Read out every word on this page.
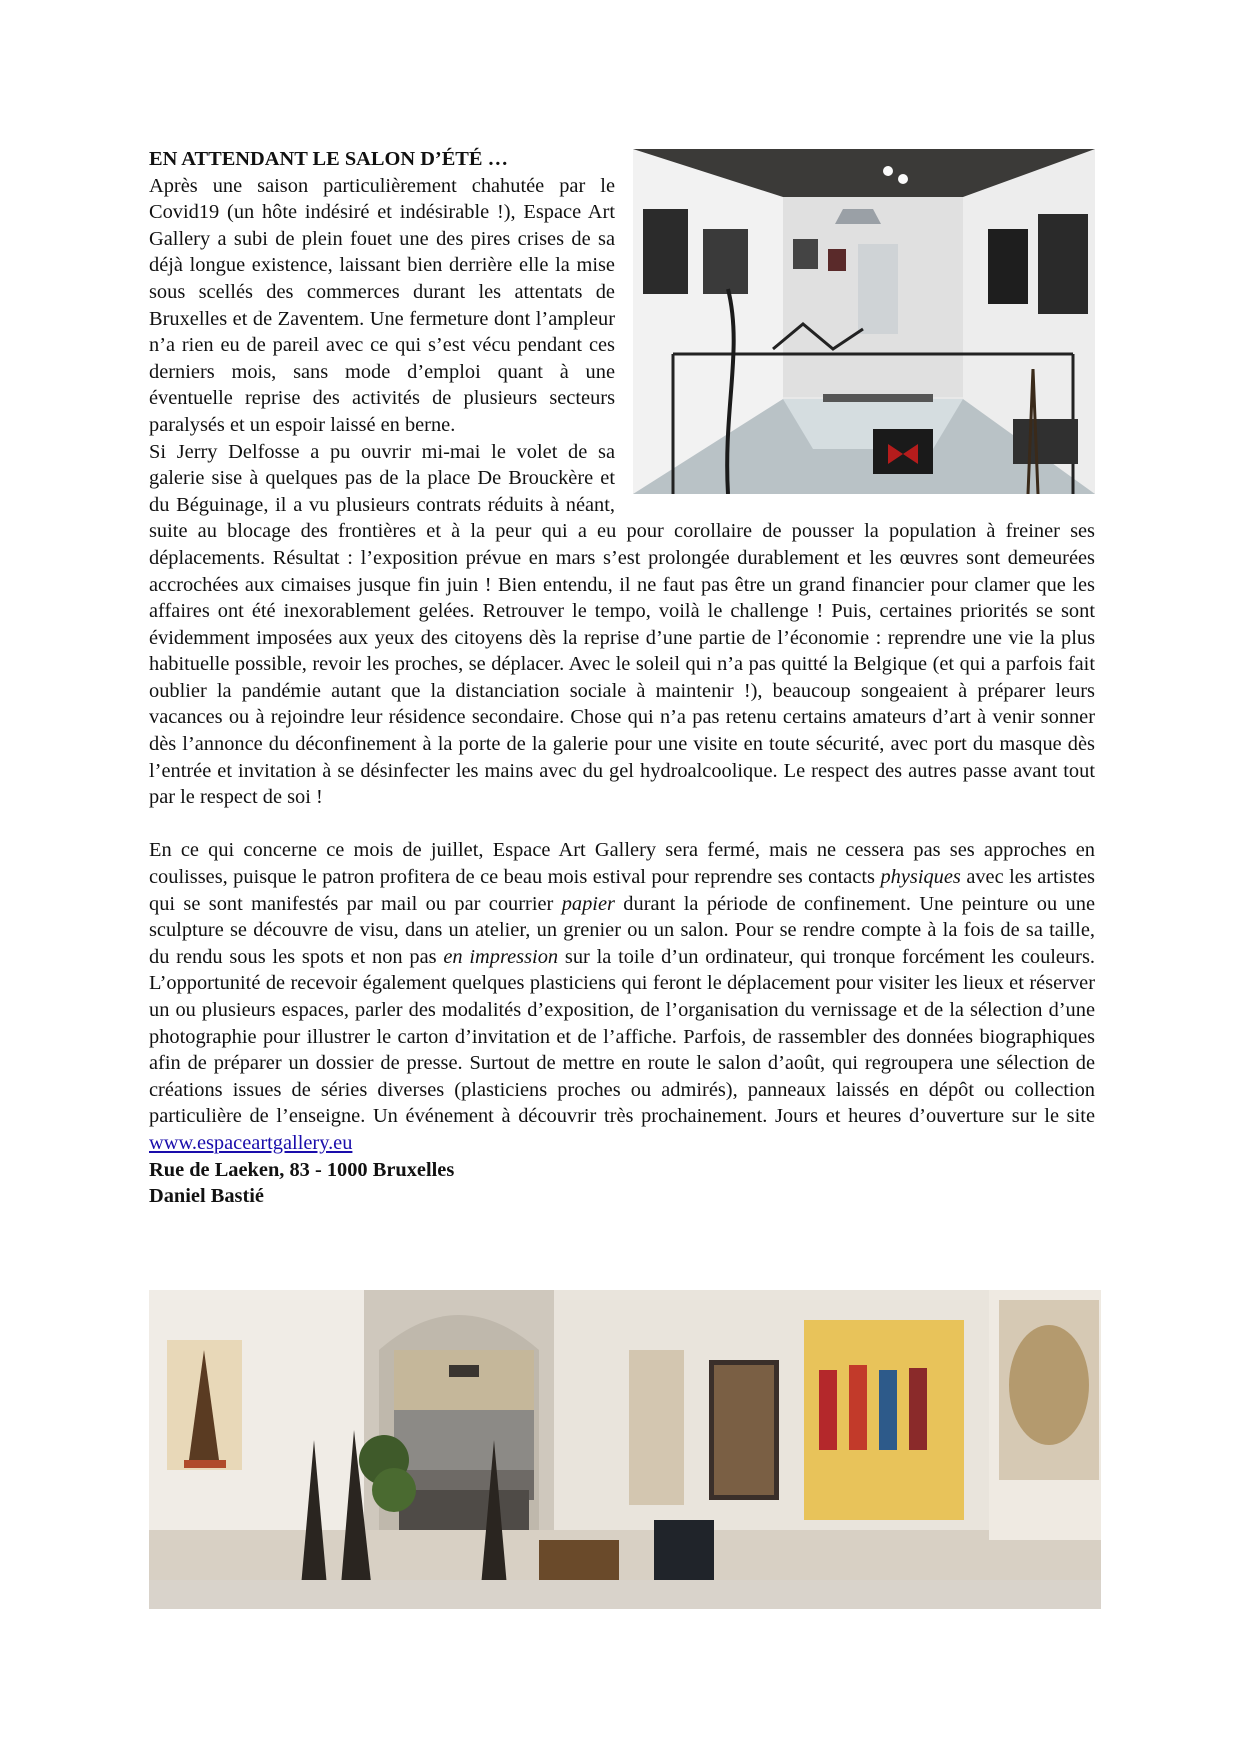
EN ATTENDANT LE SALON D’ÉTÉ …

Après une saison particulièrement chahutée par le Covid19 (un hôte indésiré et indésirable !), Espace Art Gallery a subi de plein fouet une des pires crises de sa déjà longue existence, laissant bien derrière elle la mise sous scellés des commerces durant les attentats de Bruxelles et de Zaventem. Une fermeture dont l’ampleur n’a rien eu de pareil avec ce qui s’est vécu pendant ces derniers mois, sans mode d’emploi quant à une éventuelle reprise des activités de plusieurs secteurs paralysés et un espoir laissé en berne.

Si Jerry Delfosse a pu ouvrir mi-mai le volet de sa galerie sise à quelques pas de la place De Brouckère et du Béguinage, il a vu plusieurs contrats réduits à néant, suite au blocage des frontières et à la peur qui a eu pour corollaire de pousser la population à freiner ses déplacements. Résultat : l’exposition prévue en mars s’est prolongée durablement et les œuvres sont demeurées accrochées aux cimaises jusque fin juin ! Bien entendu, il ne faut pas être un grand financier pour clamer que les affaires ont été inexorablement gelées. Retrouver le tempo, voilà le challenge ! Puis, certaines priorités se sont évidemment imposées aux yeux des citoyens dès la reprise d’une partie de l’économie : reprendre une vie la plus habituelle possible, revoir les proches, se déplacer. Avec le soleil qui n’a pas quitté la Belgique (et qui a parfois fait oublier la pandémie autant que la distanciation sociale à maintenir !), beaucoup songeaient à préparer leurs vacances ou à rejoindre leur résidence secondaire. Chose qui n’a pas retenu certains amateurs d’art à venir sonner dès l’annonce du déconfinement à la porte de la galerie pour une visite en toute sécurité, avec port du masque dès l’entrée et invitation à se désinfecter les mains avec du gel hydroalcoolique. Le respect des autres passe avant tout par le respect de soi !

En ce qui concerne ce mois de juillet, Espace Art Gallery sera fermé, mais ne cessera pas ses approches en coulisses, puisque le patron profitera de ce beau mois estival pour reprendre ses contacts physiques avec les artistes qui se sont manifestés par mail ou par courrier papier durant la période de confinement. Une peinture ou une sculpture se découvre de visu, dans un atelier, un grenier ou un salon. Pour se rendre compte à la fois de sa taille, du rendu sous les spots et non pas en impression sur la toile d’un ordinateur, qui tronque forcément les couleurs. L’opportunité de recevoir également quelques plasticiens qui feront le déplacement pour visiter les lieux et réserver un ou plusieurs espaces, parler des modalités d’exposition, de l’organisation du vernissage et de la sélection d’une photographie pour illustrer le carton d’invitation et de l’affiche. Parfois, de rassembler des données biographiques afin de préparer un dossier de presse. Surtout de mettre en route le salon d’août, qui regroupera une sélection de créations issues de séries diverses (plasticiens proches ou admirés), panneaux laissés en dépôt ou collection particulière de l’enseigne. Un événement à découvrir très prochainement. Jours et heures d’ouverture sur le site www.espaceartgallery.eu

Rue de Laeken, 83 - 1000 Bruxelles

Daniel Bastié
